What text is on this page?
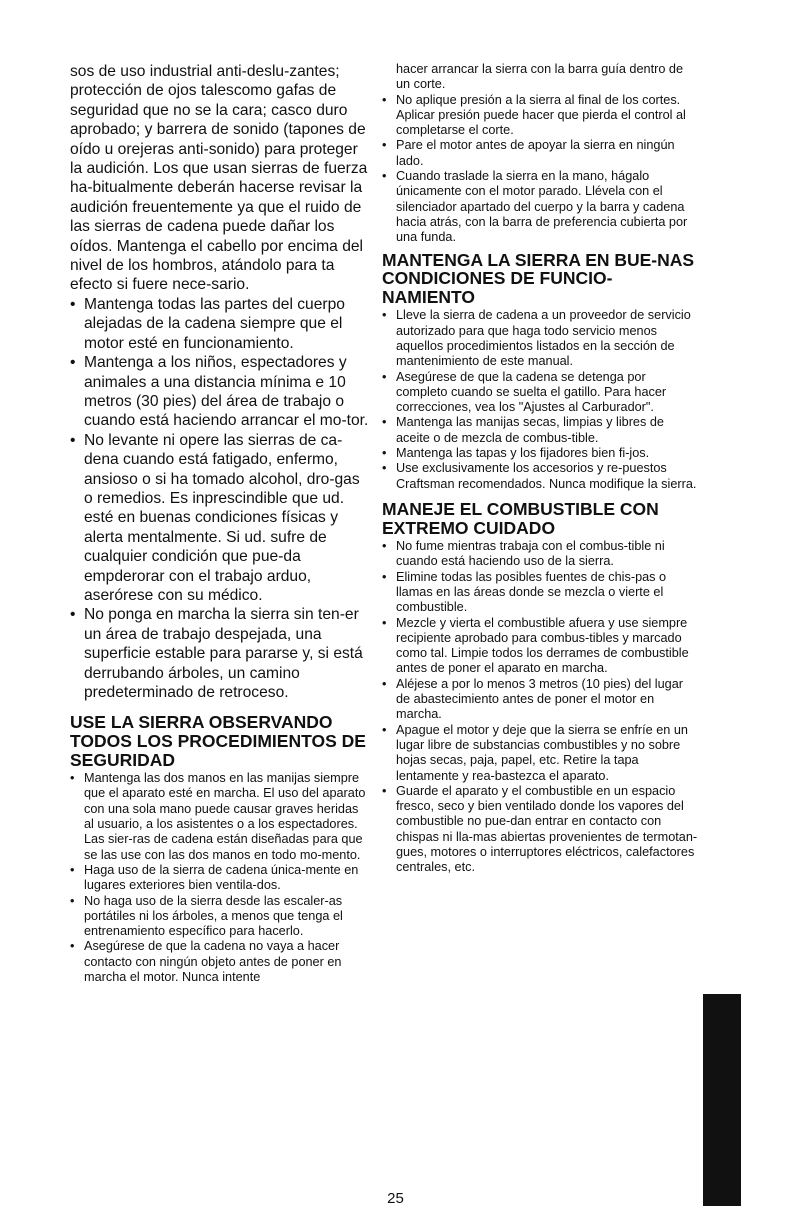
sos de uso industrial anti-deslu-zantes; protección de ojos talescomo gafas de seguridad que no se la cara; casco duro aprobado; y barrera de sonido (tapones de oído u orejeras anti-sonido) para proteger la audición. Los que usan sierras de fuerza ha-bitualmente deberán hacerse revisar la audición freuentemente ya que el ruido de las sierras de cadena puede dañar los oídos. Mantenga el cabello por encima del nivel de los hombros, atándolo para ta efecto si fuere nece-sario.

• Mantenga todas las partes del cuerpo alejadas de la cadena siempre que el motor esté en funcionamiento.
• Mantenga a los niños, espectadores y animales a una distancia mínima e 10 metros (30 pies) del área de trabajo o cuando está haciendo arrancar el mo-tor.
• No levante ni opere las sierras de ca-dena cuando está fatigado, enfermo, ansioso o si ha tomado alcohol, dro-gas o remedios. Es inprescindible que ud. esté en buenas condiciones físicas y alerta mentalmente. Si ud. sufre de cualquier condición que pue-da empderorar con el trabajo arduo, aserórese con su médico.
• No ponga en marcha la sierra sin ten-er un área de trabajo despejada, una superficie estable para pararse y, si está derrubando árboles, un camino predeterminado de retroceso.
USE LA SIERRA OBSERVANDO TODOS LOS PROCEDIMIENTOS DE SEGURIDAD
• Mantenga las dos manos en las manijas siempre que el aparato esté en marcha. El uso del aparato con una sola mano puede causar graves heridas al usuario, a los asistentes o a los espectadores. Las sier-ras de cadena están diseñadas para que se las use con las dos manos en todo mo-mento.
• Haga uso de la sierra de cadena única-mente en lugares exteriores bien ventila-dos.
• No haga uso de la sierra desde las escaler-as portátiles ni los árboles, a menos que tenga el entrenamiento específico para hacerlo.
• Asegúrese de que la cadena no vaya a hacer contacto con ningún objeto antes de poner en marcha el motor. Nunca intente

hacer arrancar la sierra con la barra guía dentro de un corte.

• No aplique presión a la sierra al final de los cortes. Aplicar presión puede hacer que pierda el control al completarse el corte.
• Pare el motor antes de apoyar la sierra en ningún lado.
• Cuando traslade la sierra en la mano, hágalo únicamente con el motor parado. Llévela con el silenciador apartado del cuerpo y la barra y cadena hacia atrás, con la barra de preferencia cubierta por una funda.
MANTENGA LA SIERRA EN BUE-NAS CONDICIONES DE FUNCIO-NAMIENTO
• Lleve la sierra de cadena a un proveedor de servicio autorizado para que haga todo servicio menos aquellos procedimientos listados en la sección de mantenimiento de este manual.
• Asegúrese de que la cadena se detenga por completo cuando se suelta el gatillo. Para hacer correcciones, vea los "Ajustes al Carburador".
• Mantenga las manijas secas, limpias y libres de aceite o de mezcla de combus-tible.
• Mantenga las tapas y los fijadores bien fi-jos.
• Use exclusivamente los accesorios y re-puestos Craftsman recomendados. Nunca modifique la sierra.
MANEJE EL COMBUSTIBLE CON EXTREMO CUIDADO
• No fume mientras trabaja con el combus-tible ni cuando está haciendo uso de la sierra.
• Elimine todas las posibles fuentes de chis-pas o llamas en las áreas donde se mezcla o vierte el combustible.
• Mezcle y vierta el combustible afuera y use siempre recipiente aprobado para combus-tibles y marcado como tal. Limpie todos los derrames de combustible antes de poner el aparato en marcha.
• Aléjese a por lo menos 3 metros (10 pies) del lugar de abastecimiento antes de poner el motor en marcha.
• Apague el motor y deje que la sierra se enfríe en un lugar libre de substancias combustibles y no sobre hojas secas, paja, papel, etc. Retire la tapa lentamente y rea-bastezca el aparato.
• Guarde el aparato y el combustible en un espacio fresco, seco y bien ventilado donde los vapores del combustible no pue-dan entrar en contacto con chispas ni lla-mas abiertas provenientes de termotan-gues, motores o interruptores eléctricos, calefactores centrales, etc.
25
